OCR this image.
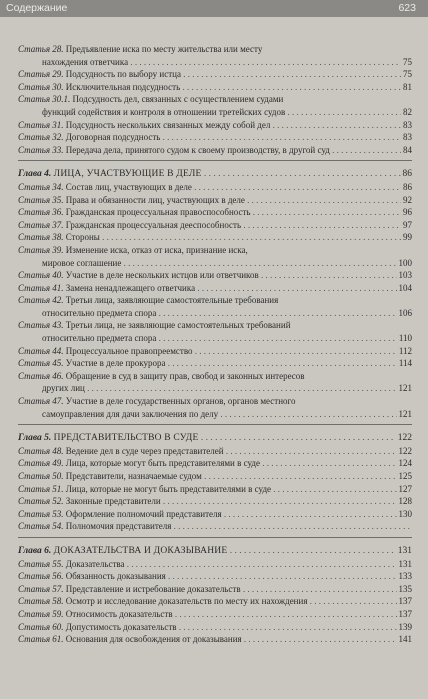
Содержание	623
Статья 28. Предъявление иска по месту жительства или месту
нахождения ответчика . . .	75
Статья 29. Подсудность по выбору истца . . .	75
Статья 30. Исключительная подсудность . . .	81
Статья 30.1. Подсудность дел, связанных с осуществлением судами
функций содействия и контроля в отношении третейских судов . . .	82
Статья 31. Подсудность нескольких связанных между собой дел . . .	83
Статья 32. Договорная подсудность . . .	83
Статья 33. Передача дела, принятого судом к своему производству, в другой суд . . .	84
Глава 4. ЛИЦА, УЧАСТВУЮЩИЕ В ДЕЛЕ . . .	86
Статья 34. Состав лиц, участвующих в деле . . .	86
Статья 35. Права и обязанности лиц, участвующих в деле . . .	92
Статья 36. Гражданская процессуальная правоспособность . . .	96
Статья 37. Гражданская процессуальная дееспособность . . .	97
Статья 38. Стороны . . .	99
Статья 39. Изменение иска, отказ от иска, признание иска,
мировое соглашение . . .	100
Статья 40. Участие в деле нескольких истцов или ответчиков . . .	103
Статья 41. Замена ненадлежащего ответчика . . .	104
Статья 42. Третьи лица, заявляющие самостоятельные требования
относительно предмета спора . . .	106
Статья 43. Третьи лица, не заявляющие самостоятельных требований
относительно предмета спора . . .	110
Статья 44. Процессуальное правопреемство . . .	112
Статья 45. Участие в деле прокурора . . .	114
Статья 46. Обращение в суд в защиту прав, свобод и законных интересов
других лиц . . .	121
Статья 47. Участие в деле государственных органов, органов местного
самоуправления для дачи заключения по делу . . .	121
Глава 5. ПРЕДСТАВИТЕЛЬСТВО В СУДЕ . . .	122
Статья 48. Ведение дел в суде через представителей . . .	122
Статья 49. Лица, которые могут быть представителями в суде . . .	124
Статья 50. Представители, назначаемые судом . . .	125
Статья 51. Лица, которые не могут быть представителями в суде . . .	127
Статья 52. Законные представители . . .	128
Статья 53. Оформление полномочий представителя . . .	130
Статья 54. Полномочия представителя . . .
Глава 6. ДОКАЗАТЕЛЬСТВА И ДОКАЗЫВАНИЕ . . .	131
Статья 55. Доказательства . . .	131
Статья 56. Обязанность доказывания . . .	133
Статья 57. Представление и истребование доказательств . . .	135
Статья 58. Осмотр и исследование доказательств по месту их нахождения . . .	137
Статья 59. Относимость доказательств . . .	137
Статья 60. Допустимость доказательств . . .	139
Статья 61. Основания для освобождения от доказывания . . .	141
